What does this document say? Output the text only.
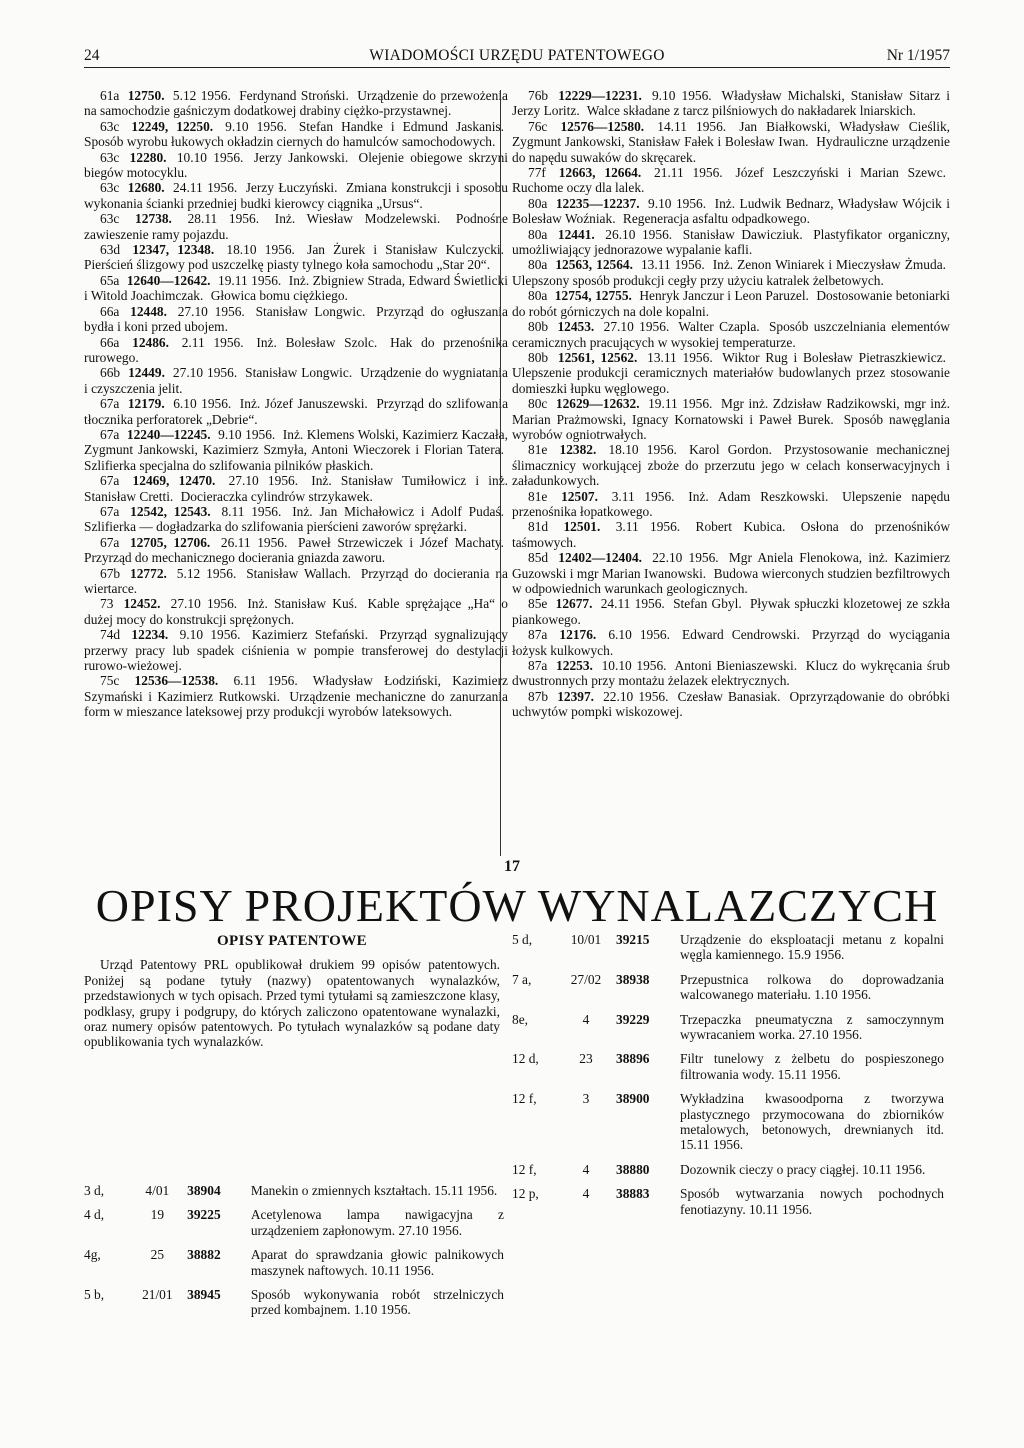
24	WIADOMOŚCI URZĘDU PATENTOWEGO	Nr 1/1957

61a 12750. 5.12 1956. Ferdynand Stroński. Urządzenie do przewożenia na samochodzie gaśniczym dodatkowej drabiny ciężko-przystawnej.

63c 12249, 12250. 9.10 1956. Stefan Handke i Edmund Jaskanis. Sposób wyrobu łukowych okładzin ciernych do hamulców samochodowych.

63c 12280. 10.10 1956. Jerzy Jankowski. Olejenie obiegowe skrzyni biegów motocyklu.

63c 12680. 24.11 1956. Jerzy Łuczyński. Zmiana konstrukcji i sposobu wykonania ścianki przedniej budki kierowcy ciągnika „Ursus“.

63c 12738. 28.11 1956. Inż. Wiesław Modzelewski. Podnośne zawieszenie ramy pojazdu.

63d 12347, 12348. 18.10 1956. Jan Żurek i Stanisław Kulczycki. Pierścień ślizgowy pod uszczelkę piasty tylnego koła samochodu „Star 20“.

65a 12640—12642. 19.11 1956. Inż. Zbigniew Strada, Edward Świetlicki i Witold Joachimczak. Głowica bomu ciężkiego.

66a 12448. 27.10 1956. Stanisław Longwic. Przyrząd do ogłuszania bydła i koni przed ubojem.

66a 12486. 2.11 1956. Inż. Bolesław Szolc. Hak do przenośnika rurowego.

66b 12449. 27.10 1956. Stanisław Longwic. Urządzenie do wygniatania i czyszczenia jelit.

67a 12179. 6.10 1956. Inż. Józef Januszewski. Przyrząd do szlifowania tłocznika perforatorek „Debrie“.

67a 12240—12245. 9.10 1956. Inż. Klemens Wolski, Kazimierz Kaczała, Zygmunt Jankowski, Kazimierz Szmyła, Antoni Wieczorek i Florian Tatera. Szlifierka specjalna do szlifowania pilników płaskich.

67a 12469, 12470. 27.10 1956. Inż. Stanisław Tumiłowicz i inż. Stanisław Cretti. Docieraczka cylindrów strzykawek.

67a 12542, 12543. 8.11 1956. Inż. Jan Michałowicz i Adolf Pudaś. Szlifierka — dogładzarka do szlifowania pierścieni zaworów sprężarki.

67a 12705, 12706. 26.11 1956. Paweł Strzewiczek i Józef Machaty. Przyrząd do mechanicznego docierania gniazda zaworu.

67b 12772. 5.12 1956. Stanisław Wallach. Przyrząd do docierania na wiertarce.

73 12452. 27.10 1956. Inż. Stanisław Kuś. Kable sprężające „Ha“ o dużej mocy do konstrukcji sprężonych.

74d 12234. 9.10 1956. Kazimierz Stefański. Przyrząd sygnalizujący przerwy pracy lub spadek ciśnienia w pompie transferowej do destylacji rurowo-wieżowej.

75c 12536—12538. 6.11 1956. Władysław Łodziński, Kazimierz Szymański i Kazimierz Rutkowski. Urządzenie mechaniczne do zanurzania form w mieszance lateksowej przy produkcji wyrobów lateksowych.

76b 12229—12231. 9.10 1956. Władysław Michalski, Stanisław Sitarz i Jerzy Loritz. Walce składane z tarcz pilśniowych do nakładarek lniarskich.

76c 12576—12580. 14.11 1956. Jan Białkowski, Władysław Cieślik, Zygmunt Jankowski, Stanisław Fałek i Bolesław Iwan. Hydrauliczne urządzenie do napędu suwaków do skręcarek.

77f 12663, 12664. 21.11 1956. Józef Leszczyński i Marian Szewc. Ruchome oczy dla lalek.

80a 12235—12237. 9.10 1956. Inż. Ludwik Bednarz, Władysław Wójcik i Bolesław Woźniak. Regeneracja asfaltu odpadkowego.

80a 12441. 26.10 1956. Stanisław Dawicziuk. Plastyfikator organiczny, umożliwiający jednorazowe wypalanie kafli.

80a 12563, 12564. 13.11 1956. Inż. Zenon Winiarek i Mieczysław Żmuda. Ulepszony sposób produkcji cegły przy użyciu katralek żelbetowych.

80a 12754, 12755. Henryk Janczur i Leon Paruzel. Dostosowanie betoniarki do robót górniczych na dole kopalni.

80b 12453. 27.10 1956. Walter Czapla. Sposób uszczelniania elementów ceramicznych pracujących w wysokiej temperaturze.

80b 12561, 12562. 13.11 1956. Wiktor Rug i Bolesław Pietraszkiewicz. Ulepszenie produkcji ceramicznych materiałów budowlanych przez stosowanie domieszki łupku węglowego.

80c 12629—12632. 19.11 1956. Mgr inż. Zdzisław Radzikowski, mgr inż. Marian Prażmowski, Ignacy Kornatowski i Paweł Burek. Sposób nawęglania wyrobów ogniotrwałych.

81e 12382. 18.10 1956. Karol Gordon. Przystosowanie mechanicznej ślimacznicy workującej zboże do przerzutu jego w celach konserwacyjnych i załadunkowych.

81e 12507. 3.11 1956. Inż. Adam Reszkowski. Ulepszenie napędu przenośnika łopatkowego.

81d 12501. 3.11 1956. Robert Kubica. Osłona do przenośników taśmowych.

85d 12402—12404. 22.10 1956. Mgr Aniela Flenokowa, inż. Kazimierz Guzowski i mgr Marian Iwanowski. Budowa wierconych studzien bezfiltrowych w odpowiednich warunkach geologicznych.

85e 12677. 24.11 1956. Stefan Gbyl. Pływak spłuczki klozetowej ze szkła piankowego.

87a 12176. 6.10 1956. Edward Cendrowski. Przyrząd do wyciągania łożysk kulkowych.

87a 12253. 10.10 1956. Antoni Bieniaszewski. Klucz do wykręcania śrub dwustronnych przy montażu żelazek elektrycznych.

87b 12397. 22.10 1956. Czesław Banasiak. Oprzyrządowanie do obróbki uchwytów pompki wiskozowej.

17
OPISY PROJEKTÓW WYNALAZCZYCH
OPISY PATENTOWE

Urząd Patentowy PRL opublikował drukiem 99 opisów patentowych. Poniżej są podane tytuły (nazwy) opatentowanych wynalazków, przedstawionych w tych opisach. Przed tymi tytułami są zamieszczone klasy, podklasy, grupy i podgrupy, do których zaliczono opatentowane wynalazki, oraz numery opisów patentowych. Po tytułach wynalazków są podane daty opublikowania tych wynalazków.

3 d,	4/01	38904	Manekin o zmiennych kształtach. 15.11 1956.
4 d,	19	39225	Acetylenowa lampa nawigacyjna z urządzeniem zapłonowym. 27.10 1956.
4g,	25	38882	Aparat do sprawdzania głowic palnikowych maszynek naftowych. 10.11 1956.
5 b,	21/01	38945	Sposób wykonywania robót strzelniczych przed kombajnem. 1.10 1956.
5 d,	10/01	39215	Urządzenie do eksploatacji metanu z kopalni węgla kamiennego. 15.9 1956.
7 a,	27/02	38938	Przepustnica rolkowa do doprowadzania walcowanego materiału. 1.10 1956.
8e,	4	39229	Trzepaczka pneumatyczna z samoczynnym wywracaniem worka. 27.10 1956.
12 d,	23	38896	Filtr tunelowy z żelbetu do pospieszonego filtrowania wody. 15.11 1956.
12 f,	3	38900	Wykładzina kwasoodporna z tworzywa plastycznego przymocowana do zbiorników metalowych, betonowych, drewnianych itd. 15.11 1956.
12 f,	4	38880	Dozownik cieczy o pracy ciągłej. 10.11 1956.
12 p,	4	38883	Sposób wytwarzania nowych pochodnych fenotiazyny. 10.11 1956.
